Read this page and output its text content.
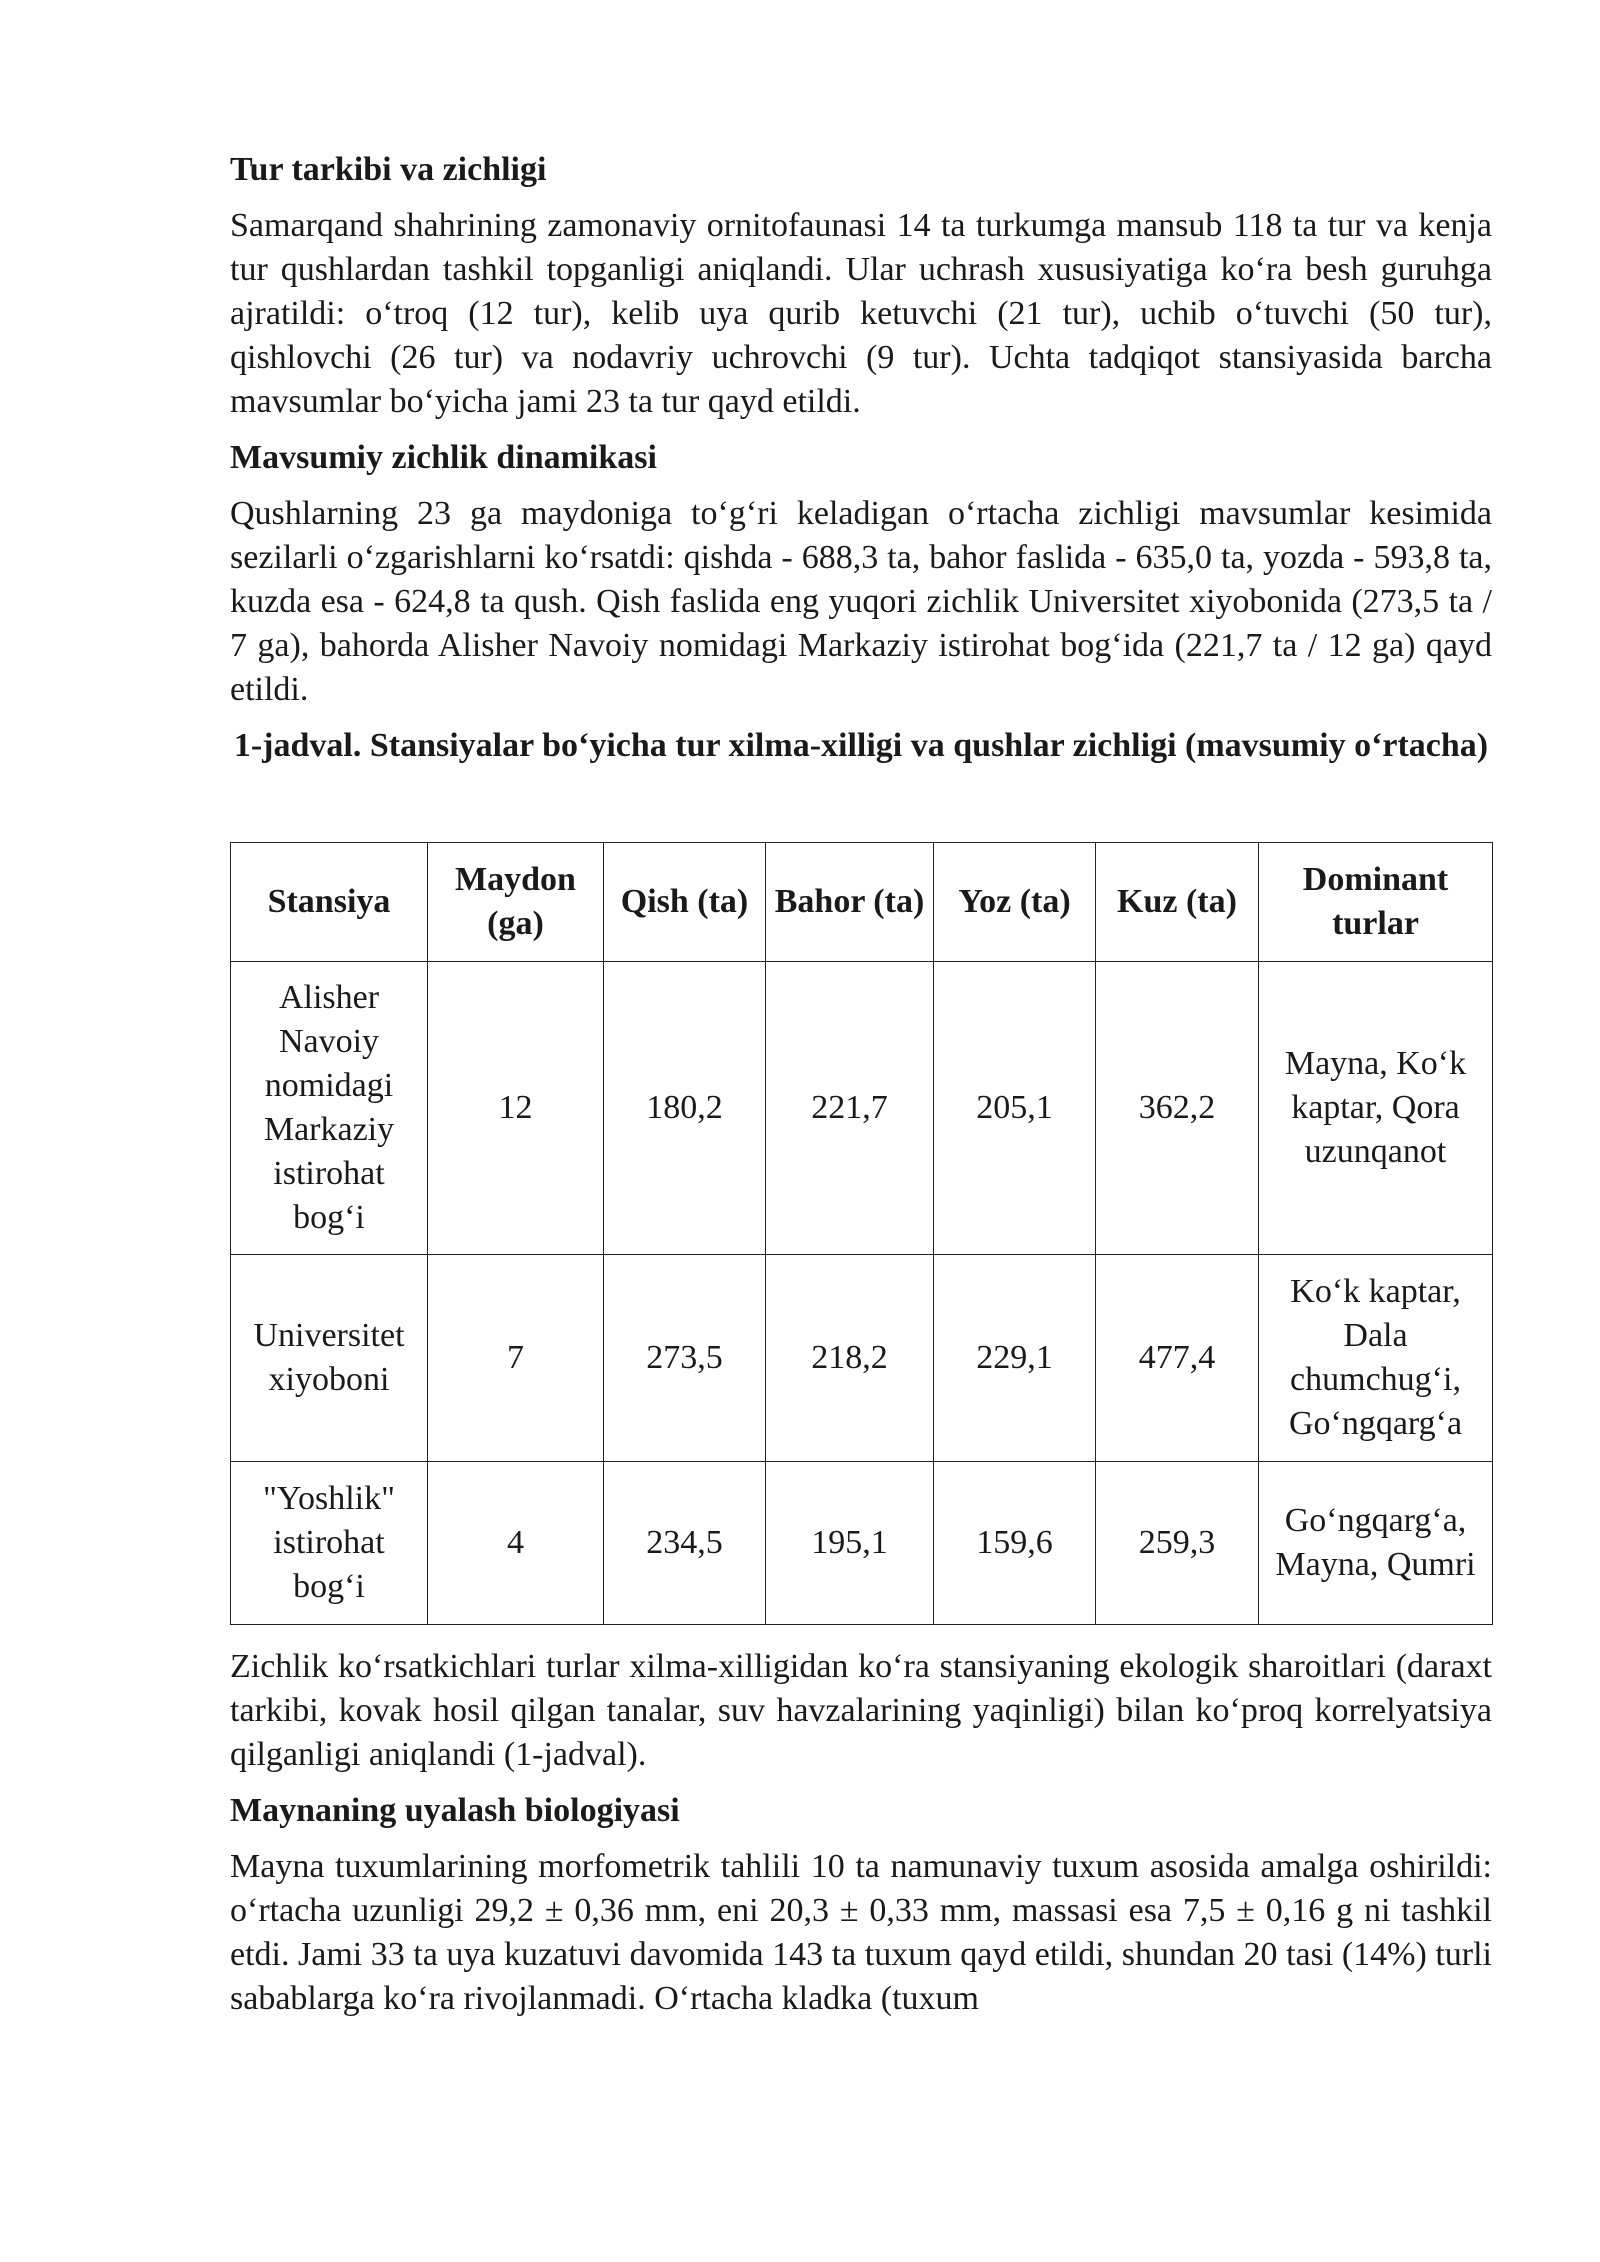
Tur tarkibi va zichligi

Samarqand shahrining zamonaviy ornitofaunasi 14 ta turkumga mansub 118 ta tur va kenja tur qushlardan tashkil topganligi aniqlandi. Ular uchrash xususiyatiga koʻra besh guruhga ajratildi: oʻtroq (12 tur), kelib uya qurib ketuvchi (21 tur), uchib oʻtuvchi (50 tur), qishlovchi (26 tur) va nodavriy uchrovchi (9 tur). Uchta tadqiqot stansiyasida barcha mavsumlar boʻyicha jami 23 ta tur qayd etildi.

Mavsumiy zichlik dinamikasi

Qushlarning 23 ga maydoniga toʻgʻri keladigan oʻrtacha zichligi mavsumlar kesimida sezilarli oʻzgarishlarni koʻrsatdi: qishda - 688,3 ta, bahor faslida - 635,0 ta, yozda - 593,8 ta, kuzda esa - 624,8 ta qush. Qish faslida eng yuqori zichlik Universitet xiyobonida (273,5 ta / 7 ga), bahorda Alisher Navoiy nomidagi Markaziy istirohat bogʻida (221,7 ta / 12 ga) qayd etildi.

1-jadval. Stansiyalar boʻyicha tur xilma-xilligi va qushlar zichligi (mavsumiy oʻrtacha)
Stansiya	Maydon (ga)	Qish (ta)	Bahor (ta)	Yoz (ta)	Kuz (ta)	Dominant turlar
Alisher Navoiy nomidagi Markaziy istirohat bogʻi	12	180,2	221,7	205,1	362,2	Mayna, Koʻk kaptar, Qora uzunqanot
Universitet xiyoboni	7	273,5	218,2	229,1	477,4	Koʻk kaptar, Dala chumchugʻi, Goʻngqargʻa
"Yoshlik" istirohat bogʻi	4	234,5	195,1	159,6	259,3	Goʻngqargʻa, Mayna, Qumri

Zichlik koʻrsatkichlari turlar xilma-xilligidan koʻra stansiyaning ekologik sharoitlari (daraxt tarkibi, kovak hosil qilgan tanalar, suv havzalarining yaqinligi) bilan koʻproq korrelyatsiya qilganligi aniqlandi (1-jadval).

Maynaning uyalash biologiyasi

Mayna tuxumlarining morfometrik tahlili 10 ta namunaviy tuxum asosida amalga oshirildi: oʻrtacha uzunligi 29,2 ± 0,36 mm, eni 20,3 ± 0,33 mm, massasi esa 7,5 ± 0,16 g ni tashkil etdi. Jami 33 ta uya kuzatuvi davomida 143 ta tuxum qayd etildi, shundan 20 tasi (14%) turli sabablarga koʻra rivojlanmadi. Oʻrtacha kladka (tuxum
